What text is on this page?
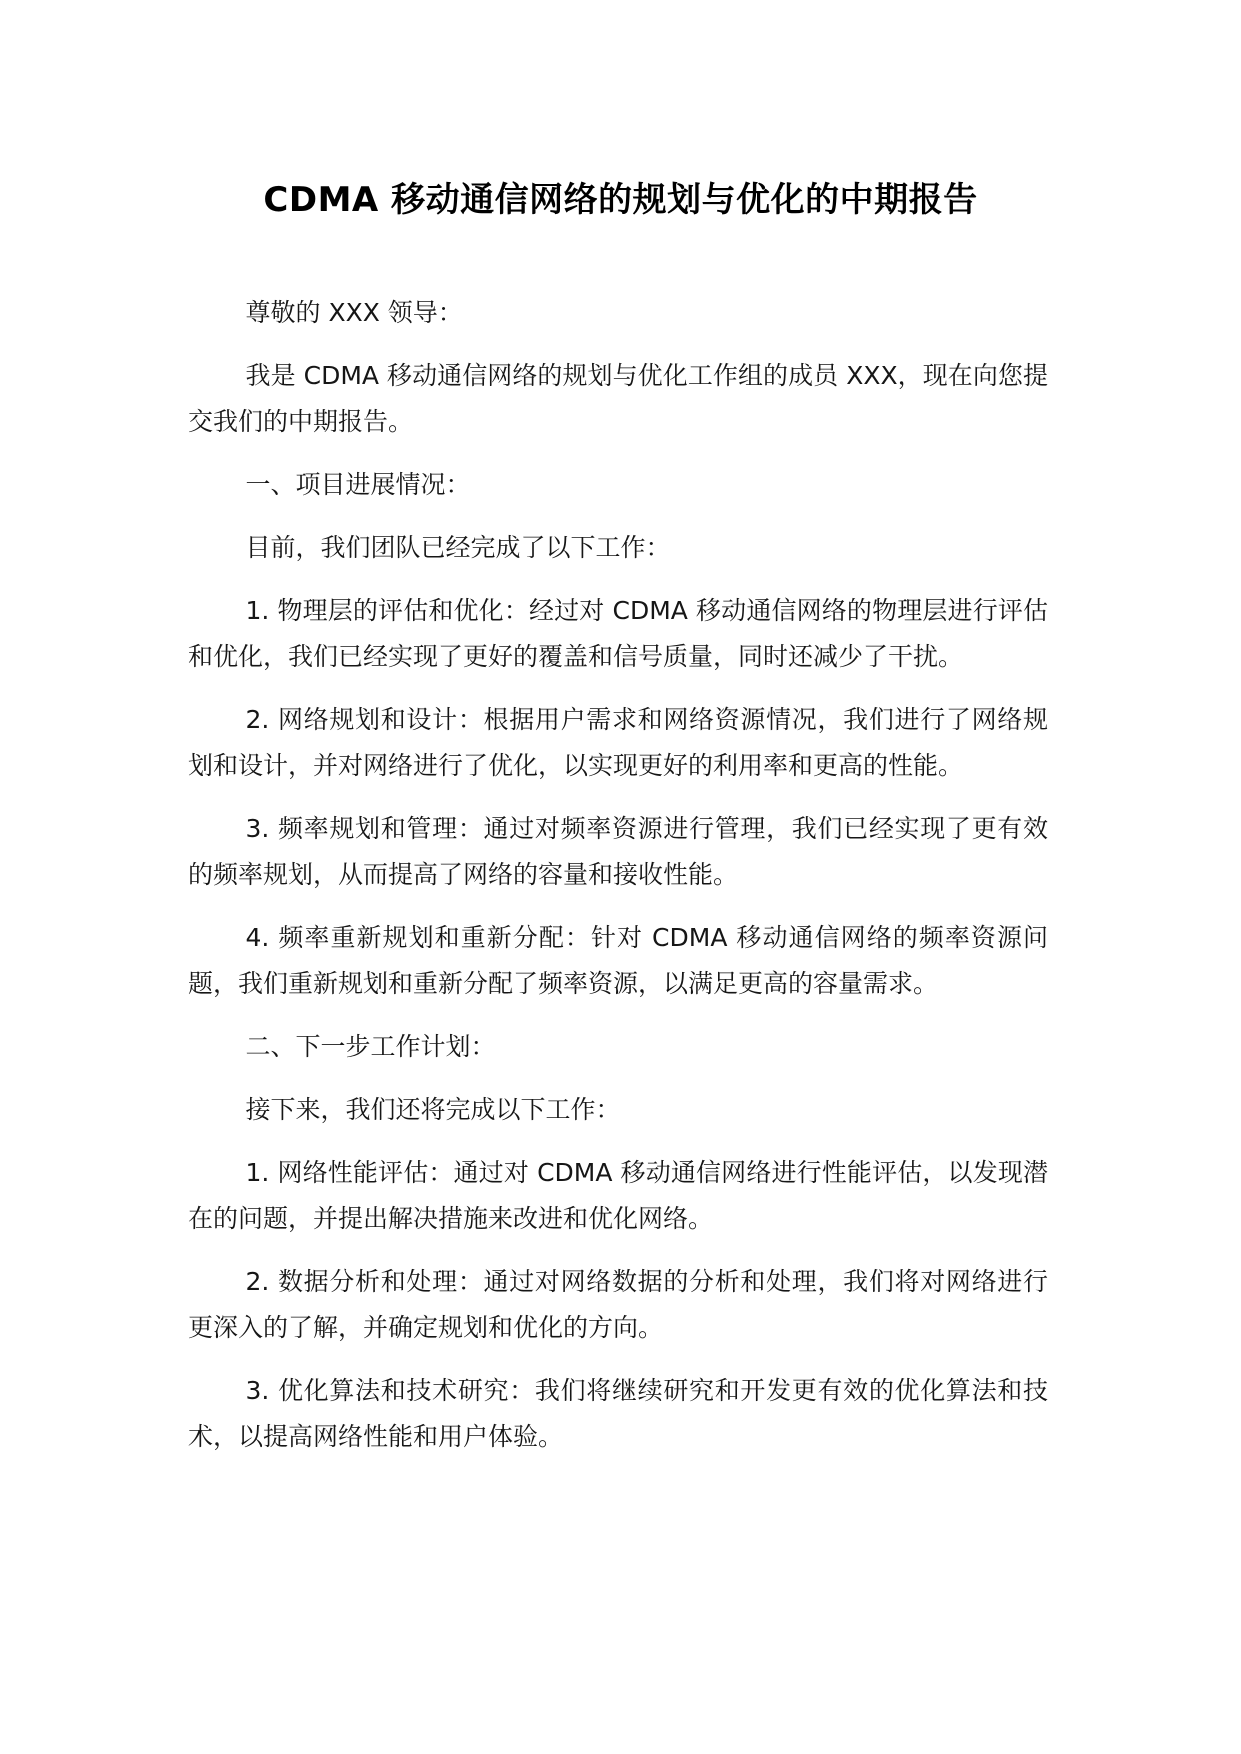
CDMA 移动通信网络的规划与优化的中期报告

尊敬的 XXX 领导：

我是 CDMA 移动通信网络的规划与优化工作组的成员 XXX，现在向您提交我们的中期报告。

一、项目进展情况：

目前，我们团队已经完成了以下工作：

1. 物理层的评估和优化：经过对 CDMA 移动通信网络的物理层进行评估和优化，我们已经实现了更好的覆盖和信号质量，同时还减少了干扰。

2. 网络规划和设计：根据用户需求和网络资源情况，我们进行了网络规划和设计，并对网络进行了优化，以实现更好的利用率和更高的性能。

3. 频率规划和管理：通过对频率资源进行管理，我们已经实现了更有效的频率规划，从而提高了网络的容量和接收性能。

4. 频率重新规划和重新分配：针对 CDMA 移动通信网络的频率资源问题，我们重新规划和重新分配了频率资源，以满足更高的容量需求。

二、下一步工作计划：

接下来，我们还将完成以下工作：

1. 网络性能评估：通过对 CDMA 移动通信网络进行性能评估，以发现潜在的问题，并提出解决措施来改进和优化网络。

2. 数据分析和处理：通过对网络数据的分析和处理，我们将对网络进行更深入的了解，并确定规划和优化的方向。

3. 优化算法和技术研究：我们将继续研究和开发更有效的优化算法和技术，以提高网络性能和用户体验。
